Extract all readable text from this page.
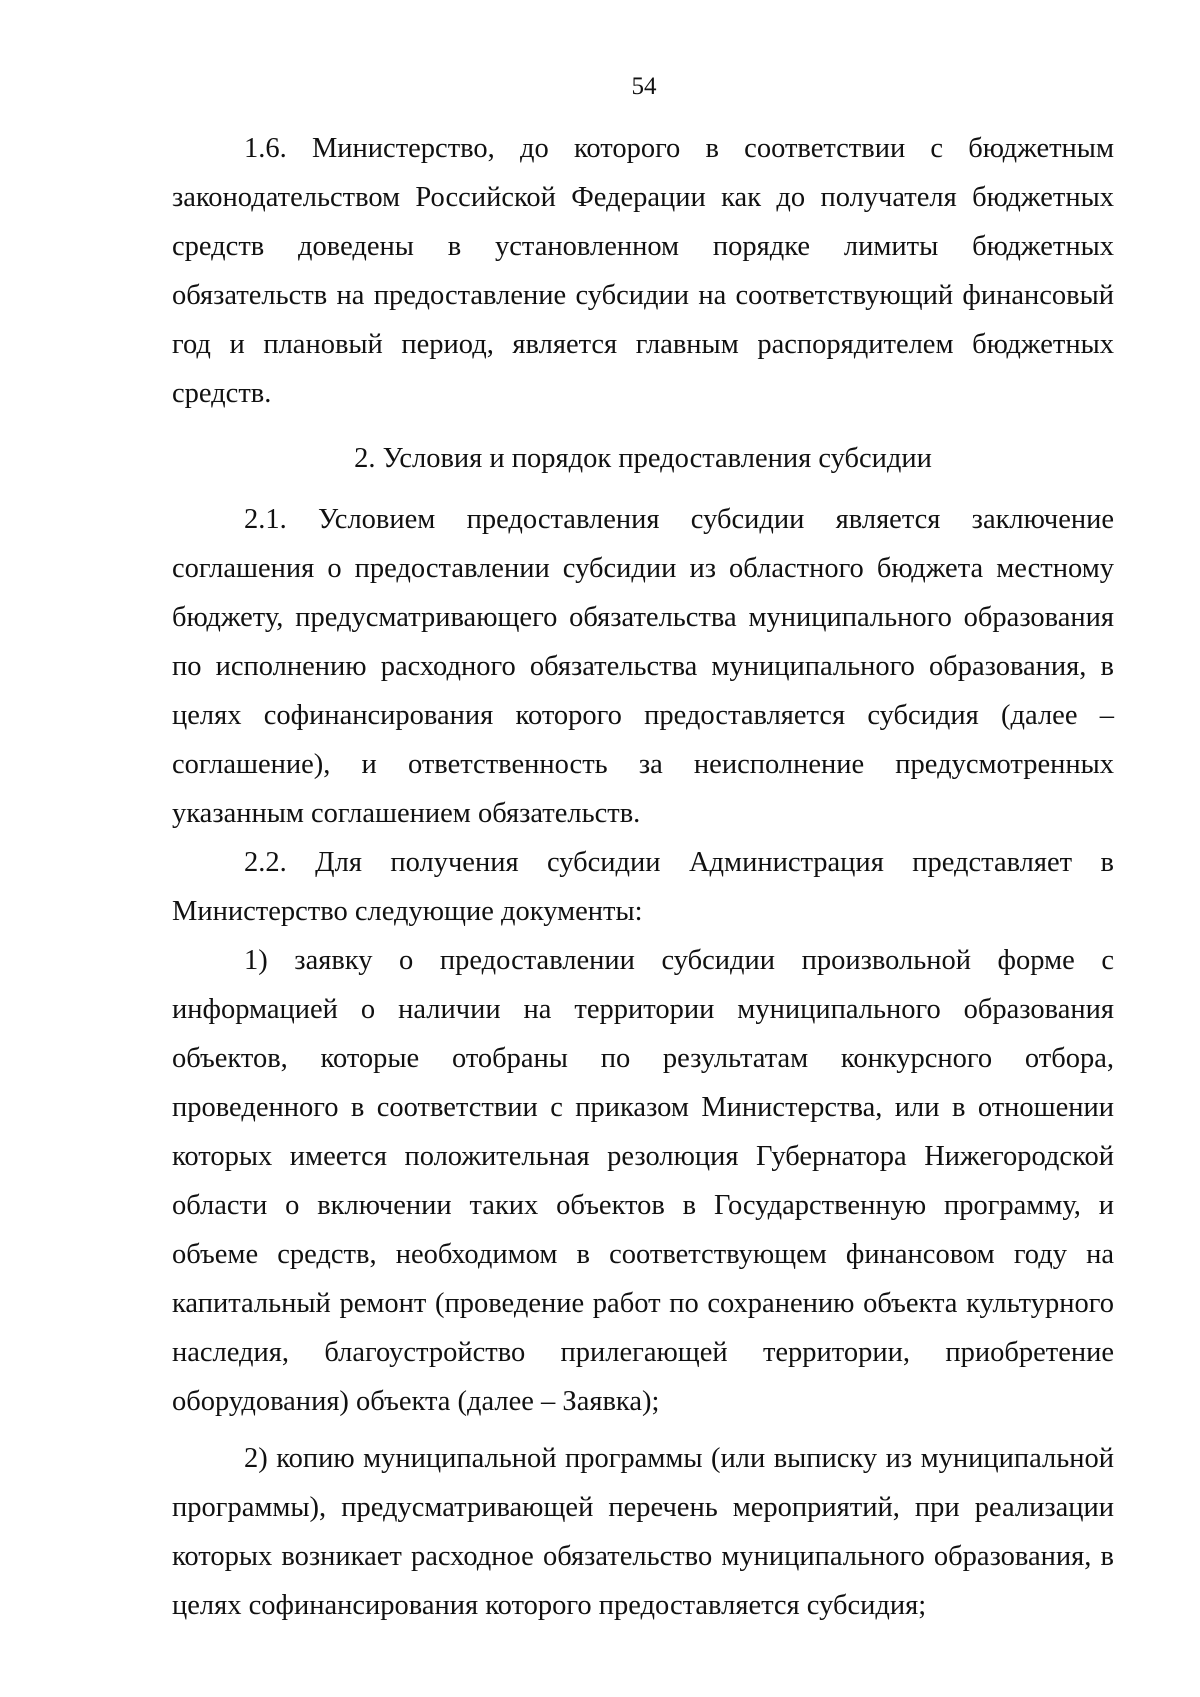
54

1.6. Министерство, до которого в соответствии с бюджетным законодательством Российской Федерации как до получателя бюджетных средств доведены в установленном порядке лимиты бюджетных обязательств на предоставление субсидии на соответствующий финансовый год и плановый период, является главным распорядителем бюджетных средств.

2. Условия и порядок предоставления субсидии

2.1. Условием предоставления субсидии является заключение соглашения о предоставлении субсидии из областного бюджета местному бюджету, предусматривающего обязательства муниципального образования по исполнению расходного обязательства муниципального образования, в целях софинансирования которого предоставляется субсидия (далее – соглашение), и ответственность за неисполнение предусмотренных указанным соглашением обязательств.

2.2. Для получения субсидии Администрация представляет в Министерство следующие документы:

1) заявку о предоставлении субсидии произвольной форме с информацией о наличии на территории муниципального образования объектов, которые отобраны по результатам конкурсного отбора, проведенного в соответствии с приказом Министерства, или в отношении которых имеется положительная резолюция Губернатора Нижегородской области о включении таких объектов в Государственную программу, и объеме средств, необходимом в соответствующем финансовом году на капитальный ремонт (проведение работ по сохранению объекта культурного наследия, благоустройство прилегающей территории, приобретение оборудования) объекта (далее – Заявка);

2) копию муниципальной программы (или выписку из муниципальной программы), предусматривающей перечень мероприятий, при реализации которых возникает расходное обязательство муниципального образования, в целях софинансирования которого предоставляется субсидия;
